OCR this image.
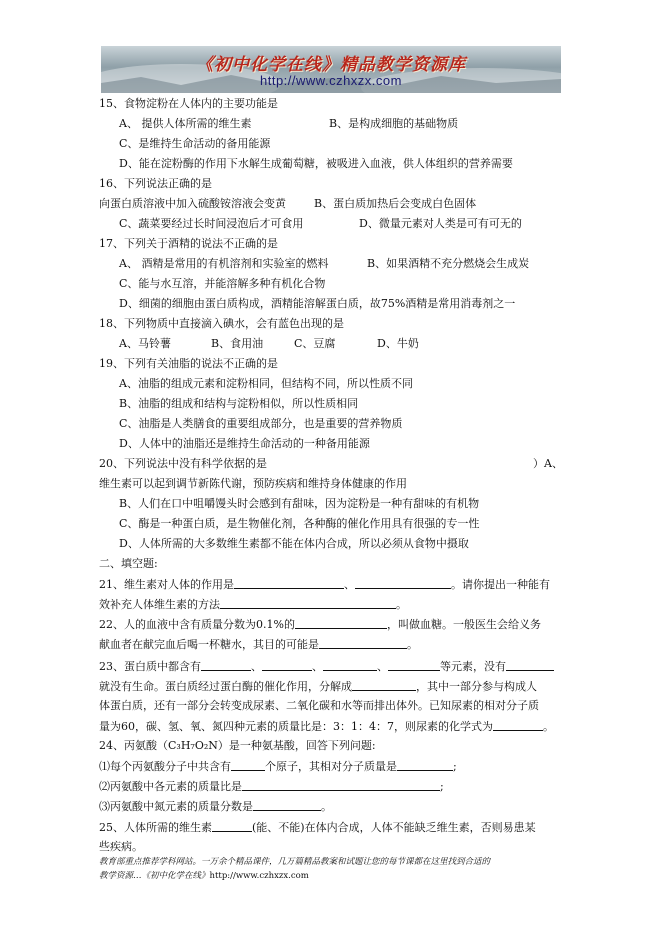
《初中化学在线》精品教学资源库
http://www.czhxzx.com
15、食物淀粉在人体内的主要功能是
A、 提供人体所需的维生素	B、是构成细胞的基础物质
C、是维持生命活动的备用能源
D、能在淀粉酶的作用下水解生成葡萄糖，被吸进入血液，供人体组织的营养需要
16、下列说法正确的是
向蛋白质溶液中加入硫酸铵溶液会变黄	B、蛋白质加热后会变成白色固体
C、蔬菜要经过长时间浸泡后才可食用	D、微量元素对人类是可有可无的
17、下列关于酒精的说法不正确的是
A、 酒精是常用的有机溶剂和实验室的燃料	B、如果酒精不充分燃烧会生成炭
C、能与水互溶，并能溶解多种有机化合物
D、细菌的细胞由蛋白质构成，酒精能溶解蛋白质，故75%酒精是常用消毒剂之一
18、下列物质中直接滴入碘水，会有蓝色出现的是
A、马铃薯	B、食用油	C、豆腐	D、牛奶
19、下列有关油脂的说法不正确的是
A、油脂的组成元素和淀粉相同，但结构不同，所以性质不同
B、油脂的组成和结构与淀粉相似，所以性质相同
C、油脂是人类膳食的重要组成部分，也是重要的营养物质
D、人体中的油脂还是维持生命活动的一种备用能源
20、下列说法中没有科学依据的是	）A、
维生素可以起到调节新陈代谢，预防疾病和维持身体健康的作用
B、人们在口中咀嚼馒头时会感到有甜味，因为淀粉是一种有甜味的有机物
C、酶是一种蛋白质，是生物催化剂，各种酶的催化作用具有很强的专一性
D、人体所需的大多数维生素都不能在体内合成，所以必须从食物中摄取
二、填空题:
21、维生素对人体的作用是	、	。请你提出一种能有
效补充人体维生素的方法	。
22、人的血液中含有质量分数为0.1%的	，叫做血糖。一般医生会给义务
献血者在献完血后喝一杯糖水，其目的可能是	。
23、蛋白质中都含有	、	、	、	等元素，没有
就没有生命。蛋白质经过蛋白酶的催化作用，分解成	，其中一部分参与构成人
体蛋白质，还有一部分会转变成尿素、二氧化碳和水等而排出体外。已知尿素的相对分子质
量为60，碳、氢、氧、氮四种元素的质量比是：3：1：4：7，则尿素的化学式为	。
24、丙氨酸（C₃H₇O₂N）是一种氨基酸，回答下列问题:
⑴每个丙氨酸分子中共含有	个原子，其相对分子质量是	;
⑵丙氨酸中各元素的质量比是	;
⑶丙氨酸中氮元素的质量分数是	。
25、人体所需的维生素	(能、不能)在体内合成，人体不能缺乏维生素，否则易患某
些疾病。
教育部重点推荐学科网站。一万余个精品课件，几万篇精品教案和试题让您的每节课都在这里找到合适的
教学资源…《初中化学在线》http://www.czhxzx.com
